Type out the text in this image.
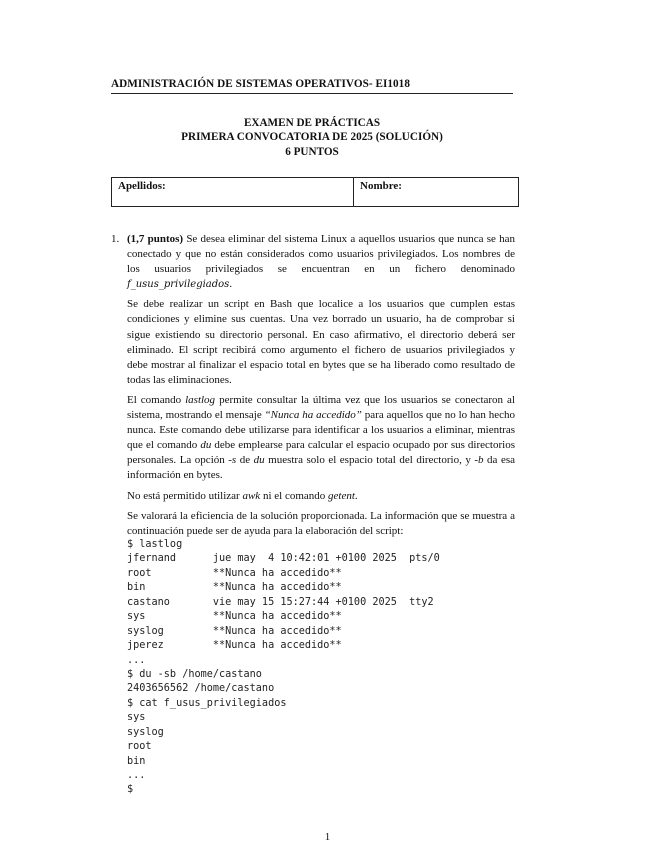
ADMINISTRACIÓN DE SISTEMAS OPERATIVOS- EI1018
EXAMEN DE PRÁCTICAS
PRIMERA CONVOCATORIA DE 2025 (SOLUCIÓN)
6 PUNTOS
Apellidos:	Nombre:
1. (1,7 puntos) Se desea eliminar del sistema Linux a aquellos usuarios que nunca se han conectado y que no están considerados como usuarios privilegiados. Los nombres de los usuarios privilegiados se encuentran en un fichero denominado f_usus_privilegiados.

Se debe realizar un script en Bash que localice a los usuarios que cumplen estas condiciones y elimine sus cuentas. Una vez borrado un usuario, ha de comprobar si sigue existiendo su directorio personal. En caso afirmativo, el directorio deberá ser eliminado. El script recibirá como argumento el fichero de usuarios privilegiados y debe mostrar al finalizar el espacio total en bytes que se ha liberado como resultado de todas las eliminaciones.

El comando lastlog permite consultar la última vez que los usuarios se conectaron al sistema, mostrando el mensaje “Nunca ha accedido” para aquellos que no lo han hecho nunca. Este comando debe utilizarse para identificar a los usuarios a eliminar, mientras que el comando du debe emplearse para calcular el espacio ocupado por sus directorios personales. La opción -s de du muestra solo el espacio total del directorio, y -b da esa información en bytes.

No está permitido utilizar awk ni el comando getent.

Se valorará la eficiencia de la solución proporcionada. La información que se muestra a continuación puede ser de ayuda para la elaboración del script:

$ lastlog
jfernand      jue may  4 10:42:01 +0100 2025  pts/0
root          **Nunca ha accedido**
bin           **Nunca ha accedido**
castano       vie may 15 15:27:44 +0100 2025  tty2
sys           **Nunca ha accedido**
syslog        **Nunca ha accedido**
jperez        **Nunca ha accedido**
...
$ du -sb /home/castano
2403656562 /home/castano
$ cat f_usus_privilegiados
sys
syslog
root
bin
...
$
1
